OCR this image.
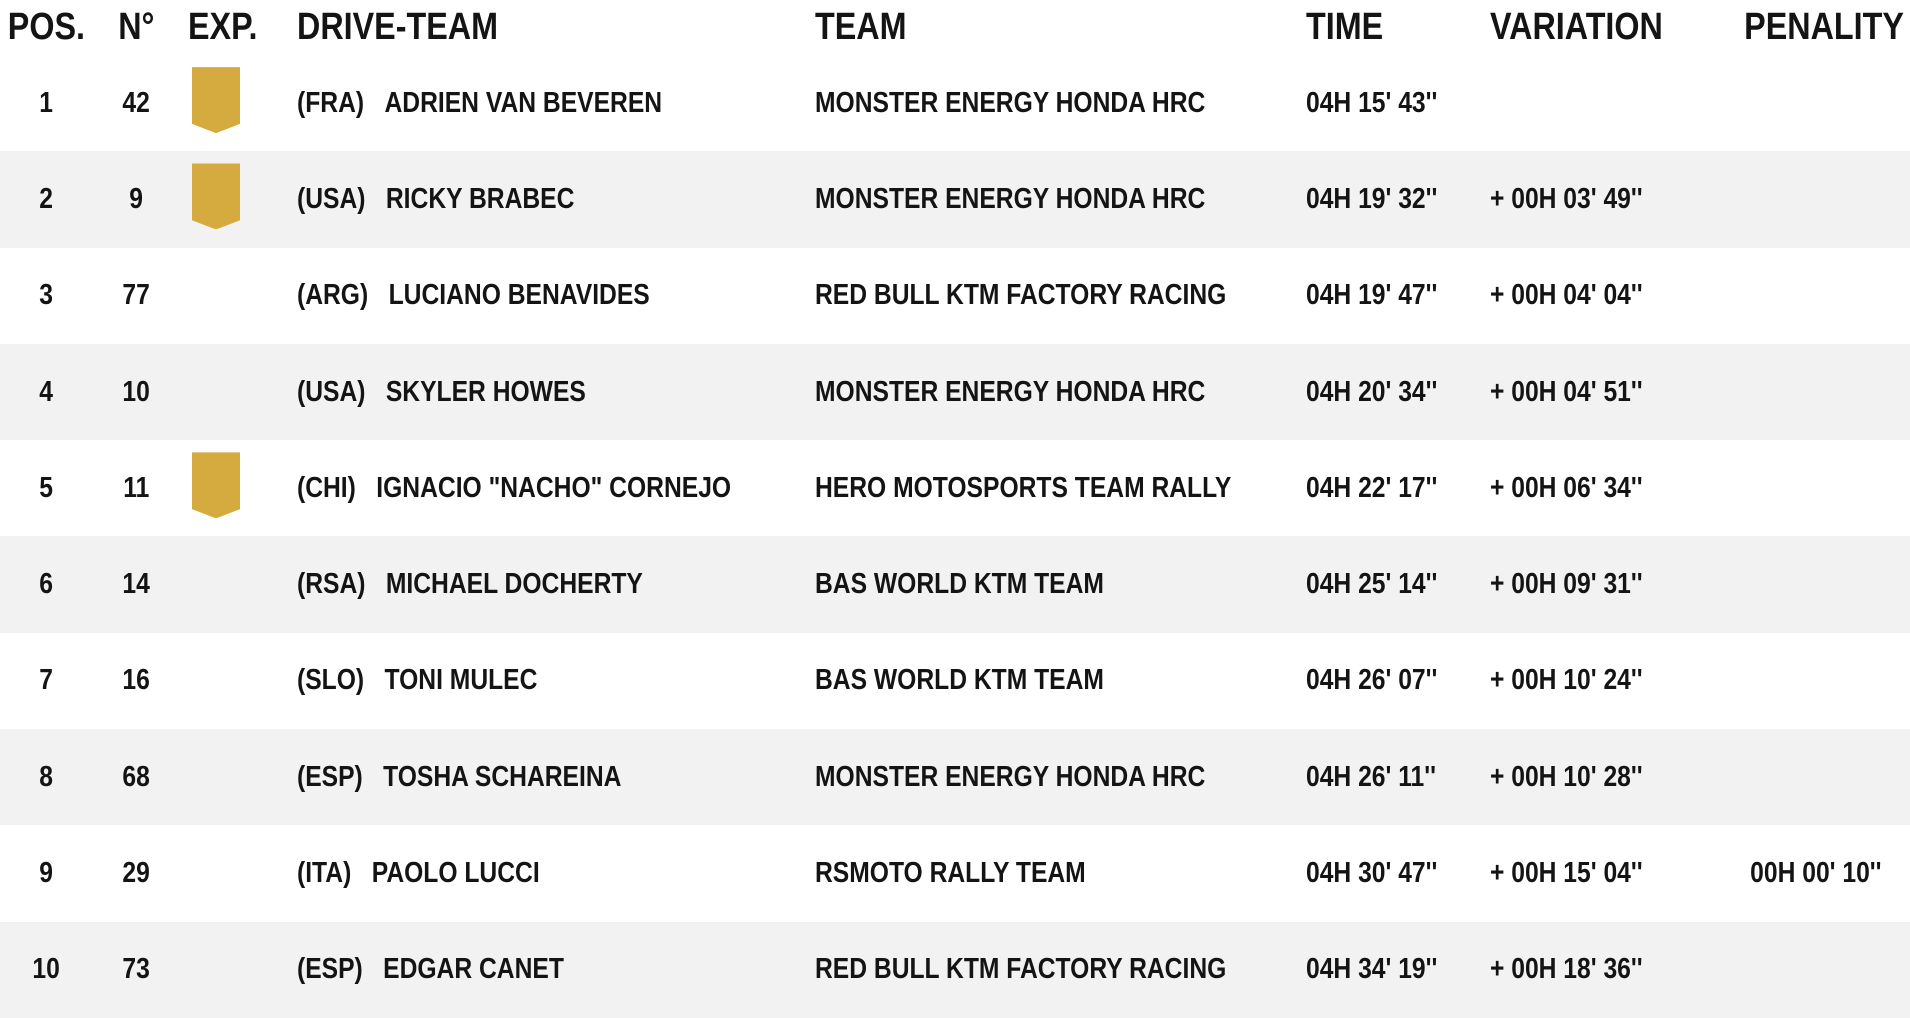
POS. N° EXP.	DRIVE-TEAM	TEAM	TIME	VARIATION	PENALITY
1	42	(FRA) ADRIEN VAN BEVEREN	MONSTER ENERGY HONDA HRC	04H 15' 43''
2	9	(USA) RICKY BRABEC	MONSTER ENERGY HONDA HRC	04H 19' 32''	+ 00H 03' 49''
3	77	(ARG) LUCIANO BENAVIDES	RED BULL KTM FACTORY RACING	04H 19' 47''	+ 00H 04' 04''
4	10	(USA) SKYLER HOWES	MONSTER ENERGY HONDA HRC	04H 20' 34''	+ 00H 04' 51''
5	11	(CHI) IGNACIO "NACHO" CORNEJO	HERO MOTOSPORTS TEAM RALLY	04H 22' 17''	+ 00H 06' 34''
6	14	(RSA) MICHAEL DOCHERTY	BAS WORLD KTM TEAM	04H 25' 14''	+ 00H 09' 31''
7	16	(SLO) TONI MULEC	BAS WORLD KTM TEAM	04H 26' 07''	+ 00H 10' 24''
8	68	(ESP) TOSHA SCHAREINA	MONSTER ENERGY HONDA HRC	04H 26' 11''	+ 00H 10' 28''
9	29	(ITA) PAOLO LUCCI	RSMOTO RALLY TEAM	04H 30' 47''	+ 00H 15' 04''	00H 00' 10''
10	73	(ESP) EDGAR CANET	RED BULL KTM FACTORY RACING	04H 34' 19''	+ 00H 18' 36''
